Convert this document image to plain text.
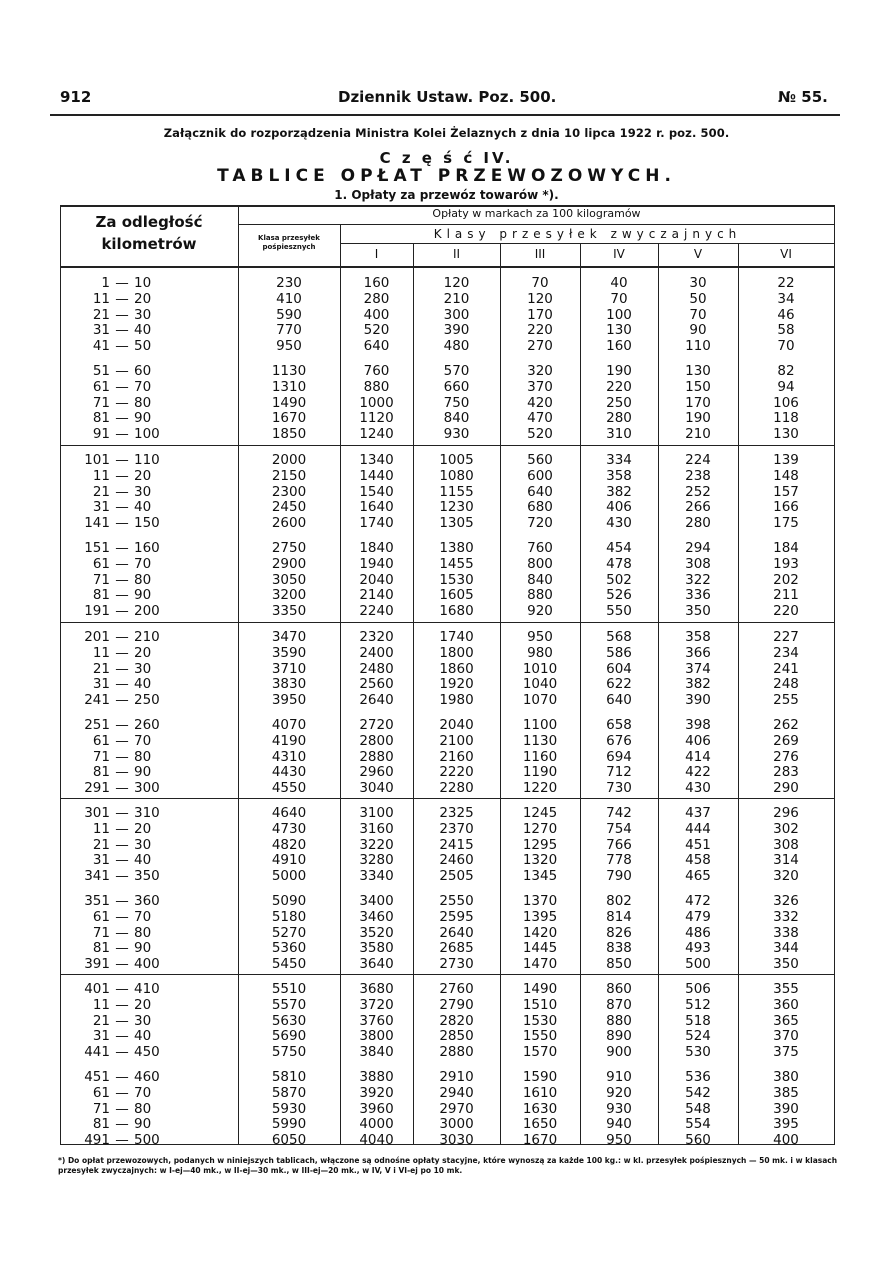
912	Dziennik Ustaw. Poz. 500.	№ 55.
Załącznik do rozporządzenia Ministra Kolei Żelaznych z dnia 10 lipca 1922 r. poz. 500.
C z ę ś ć IV.
TABLICE OPŁAT PRZEWOZOWYCH.
1. Opłaty za przewóz towarów *).
Za odległość kilometrów
Opłaty w markach za 100 kilogramów
Klasy przesyłek zwyczajnych
Klasa przesyłek pośpiesznych	I	II	III	IV	V	VI
1 — 10	230	160	120	70	40	30	22
11 — 20	410	280	210	120	70	50	34
21 — 30	590	400	300	170	100	70	46
31 — 40	770	520	390	220	130	90	58
41 — 50	950	640	480	270	160	110	70
51 — 60	1130	760	570	320	190	130	82
61 — 70	1310	880	660	370	220	150	94
71 — 80	1490	1000	750	420	250	170	106
81 — 90	1670	1120	840	470	280	190	118
91 — 100	1850	1240	930	520	310	210	130
101 — 110	2000	1340	1005	560	334	224	139
11 — 20	2150	1440	1080	600	358	238	148
21 — 30	2300	1540	1155	640	382	252	157
31 — 40	2450	1640	1230	680	406	266	166
141 — 150	2600	1740	1305	720	430	280	175
151 — 160	2750	1840	1380	760	454	294	184
61 — 70	2900	1940	1455	800	478	308	193
71 — 80	3050	2040	1530	840	502	322	202
81 — 90	3200	2140	1605	880	526	336	211
191 — 200	3350	2240	1680	920	550	350	220
201 — 210	3470	2320	1740	950	568	358	227
11 — 20	3590	2400	1800	980	586	366	234
21 — 30	3710	2480	1860	1010	604	374	241
31 — 40	3830	2560	1920	1040	622	382	248
241 — 250	3950	2640	1980	1070	640	390	255
251 — 260	4070	2720	2040	1100	658	398	262
61 — 70	4190	2800	2100	1130	676	406	269
71 — 80	4310	2880	2160	1160	694	414	276
81 — 90	4430	2960	2220	1190	712	422	283
291 — 300	4550	3040	2280	1220	730	430	290
301 — 310	4640	3100	2325	1245	742	437	296
11 — 20	4730	3160	2370	1270	754	444	302
21 — 30	4820	3220	2415	1295	766	451	308
31 — 40	4910	3280	2460	1320	778	458	314
341 — 350	5000	3340	2505	1345	790	465	320
351 — 360	5090	3400	2550	1370	802	472	326
61 — 70	5180	3460	2595	1395	814	479	332
71 — 80	5270	3520	2640	1420	826	486	338
81 — 90	5360	3580	2685	1445	838	493	344
391 — 400	5450	3640	2730	1470	850	500	350
401 — 410	5510	3680	2760	1490	860	506	355
11 — 20	5570	3720	2790	1510	870	512	360
21 — 30	5630	3760	2820	1530	880	518	365
31 — 40	5690	3800	2850	1550	890	524	370
441 — 450	5750	3840	2880	1570	900	530	375
451 — 460	5810	3880	2910	1590	910	536	380
61 — 70	5870	3920	2940	1610	920	542	385
71 — 80	5930	3960	2970	1630	930	548	390
81 — 90	5990	4000	3000	1650	940	554	395
491 — 500	6050	4040	3030	1670	950	560	400
*) Do opłat przewozowych, podanych w niniejszych tablicach, włączone są odnośne opłaty stacyjne, które wynoszą za każde 100 kg.: w kl. przesyłek pośpiesznych — 50 mk. i w klasach przesyłek zwyczajnych: w I-ej—40 mk., w II-ej—30 mk., w III-ej—20 mk., w IV, V i VI-ej po 10 mk.
